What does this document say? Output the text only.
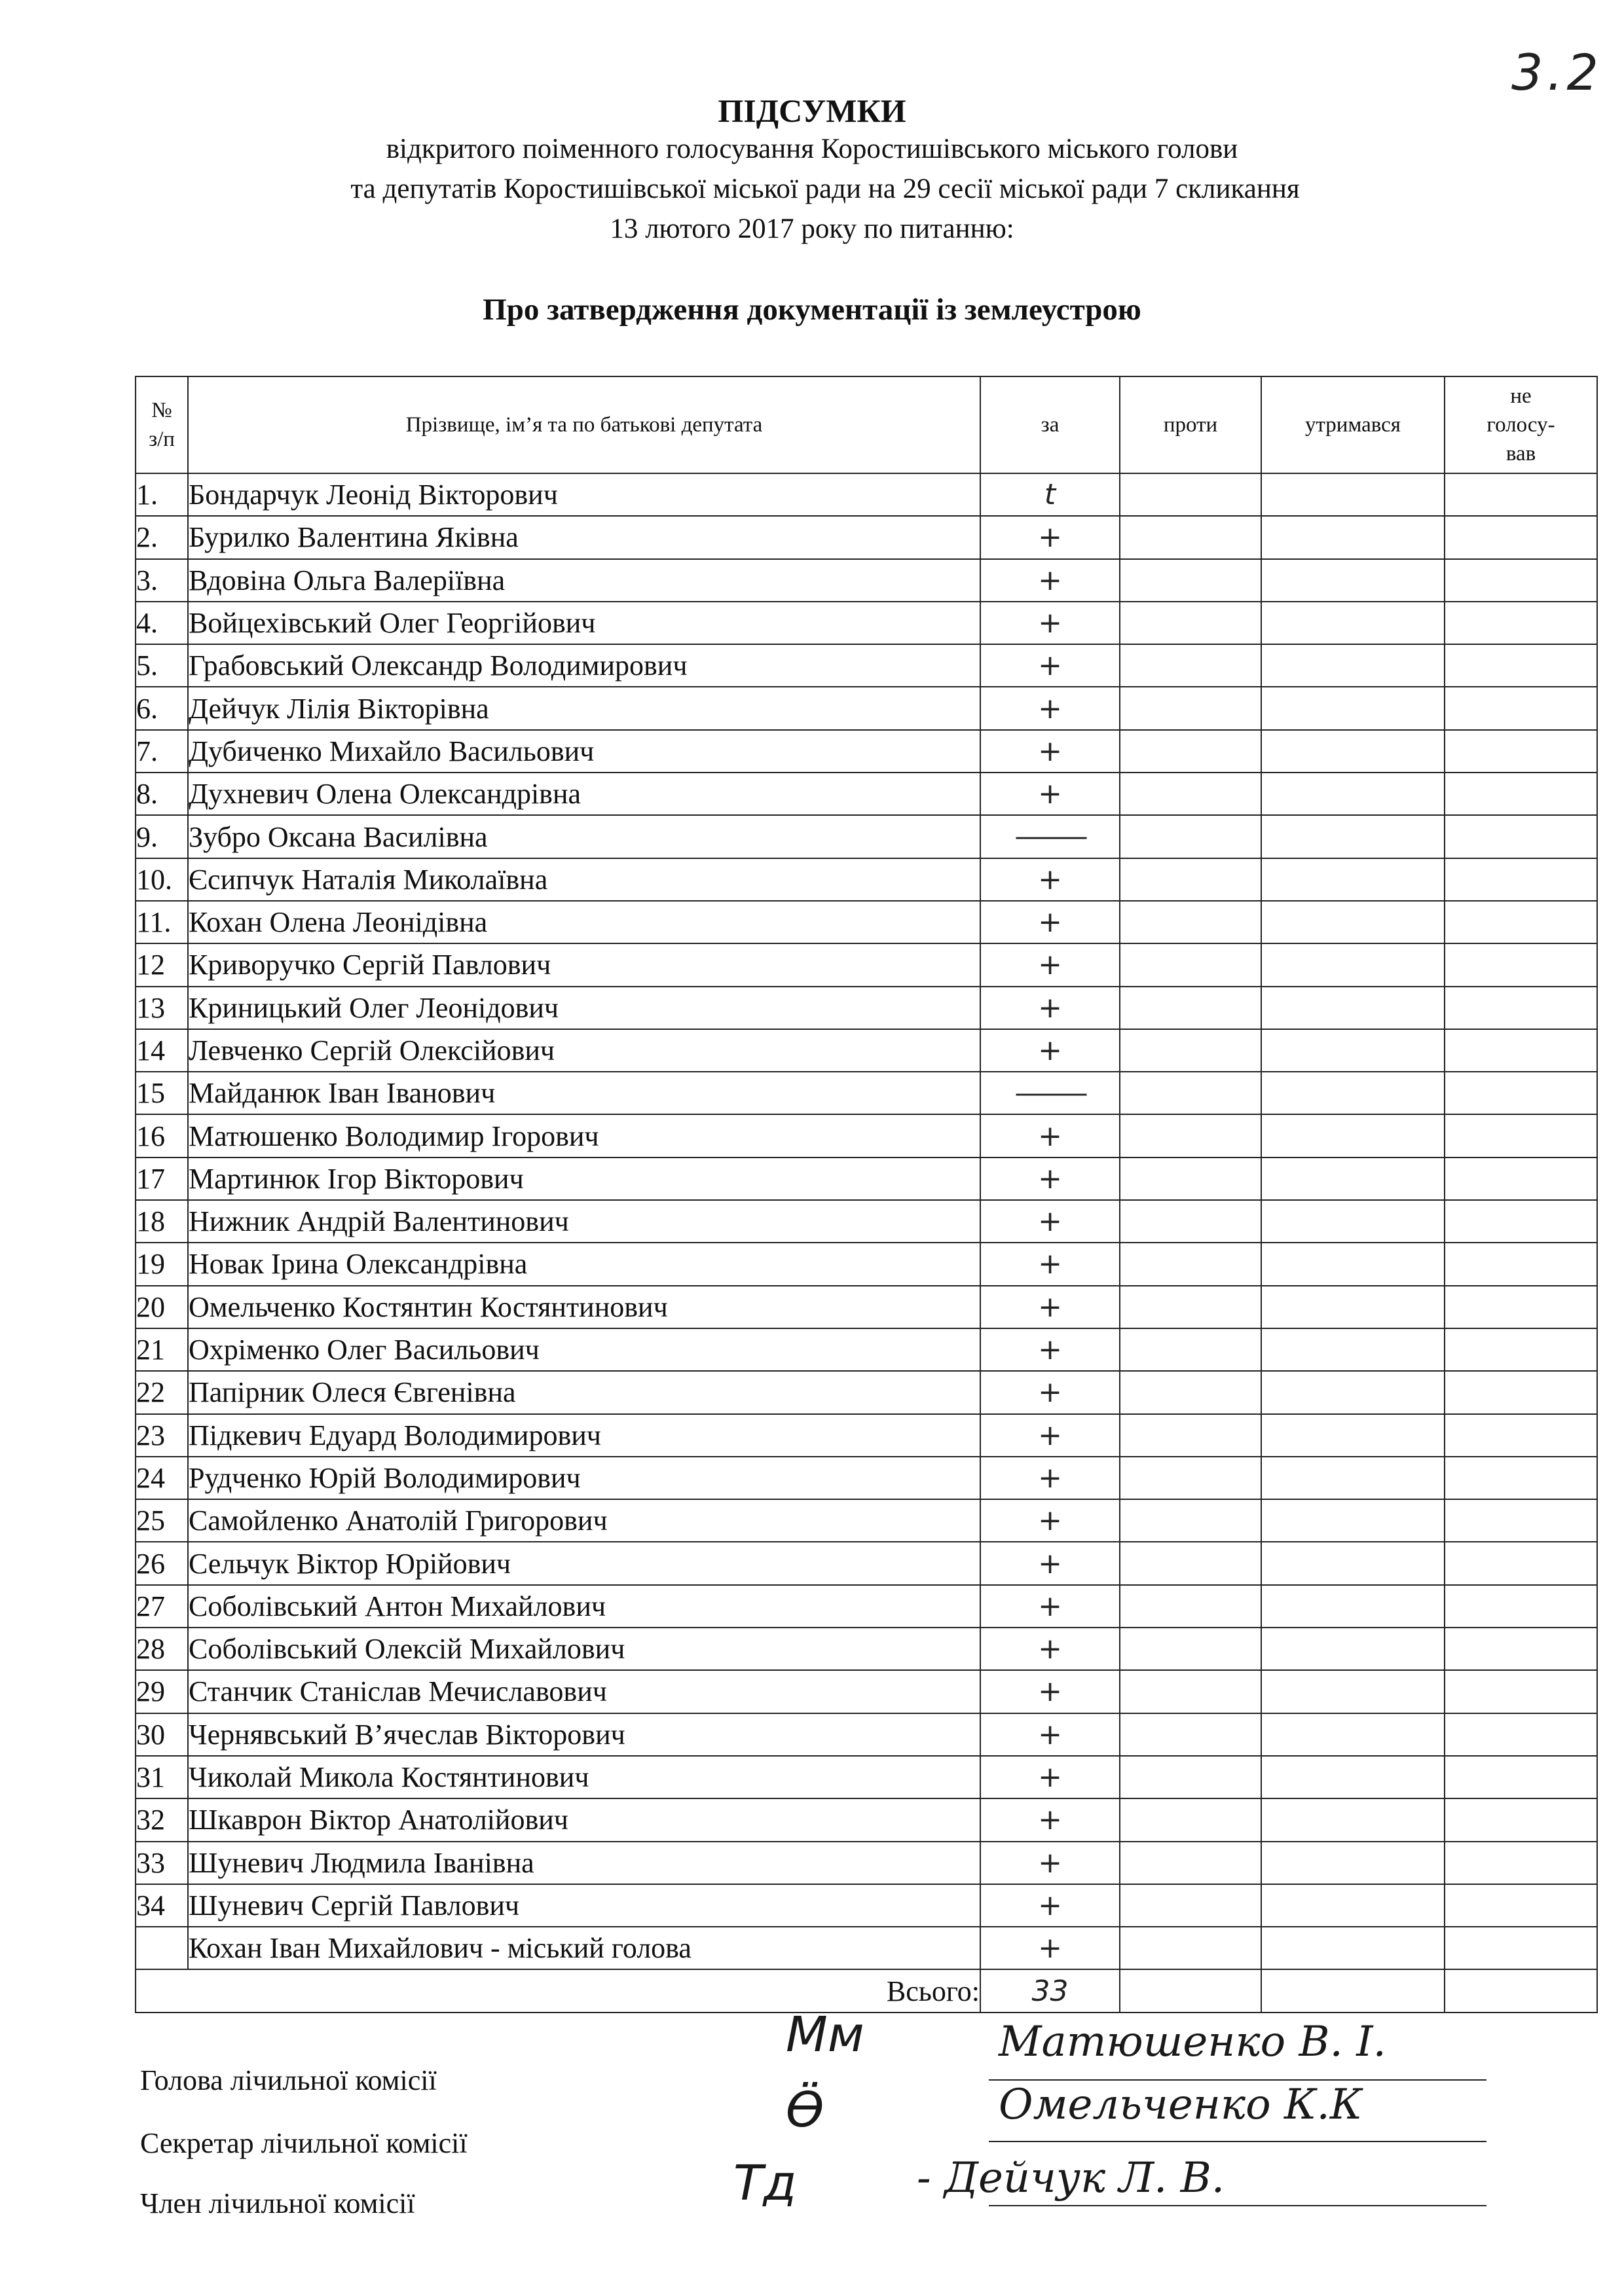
3.2
ПІДСУМКИ
відкритого поіменного голосування Коростишівського міського голови
та депутатів Коростишівської міської ради на 29 сесії міської ради 7 скликання
13 лютого 2017 року по питанню:
Про затвердження документації із землеустрою
№
з/п	Прізвище, ім’я та по батькові депутата	за	проти	утримався	не
голосу-
вав
1.	Бондарчук Леонід Вікторович	t			
2.	Бурилко Валентина Яківна	+			
3.	Вдовіна Ольга Валеріївна	+			
4.	Войцехівський Олег Георгійович	+			
5.	Грабовський Олександр Володимирович	+			
6.	Дейчук Лілія Вікторівна	+			
7.	Дубиченко Михайло Васильович	+			
8.	Духневич Олена Олександрівна	+			
9.	Зубро Оксана Василівна	———			
10.	Єсипчук Наталія Миколаївна	+			
11.	Кохан Олена Леонідівна	+			
12	Криворучко Сергій Павлович	+			
13	Криницький Олег Леонідович	+			
14	Левченко Сергій Олексійович	+			
15	Майданюк Іван Іванович	———			
16	Матюшенко Володимир Ігорович	+			
17	Мартинюк Ігор Вікторович	+			
18	Нижник Андрій Валентинович	+			
19	Новак Ірина Олександрівна	+			
20	Омельченко Костянтин Костянтинович	+			
21	Охріменко Олег Васильович	+			
22	Папірник Олеся Євгенівна	+			
23	Підкевич Едуард Володимирович	+			
24	Рудченко Юрій Володимирович	+			
25	Самойленко Анатолій Григорович	+			
26	Сельчук Віктор Юрійович	+			
27	Соболівський Антон Михайлович	+			
28	Соболівський Олексій Михайлович	+			
29	Станчик Станіслав Мечиславович	+			
30	Чернявський В’ячеслав Вікторович	+			
31	Чиколай Микола Костянтинович	+			
32	Шкаврон Віктор Анатолійович	+			
33	Шуневич Людмила Іванівна	+			
34	Шуневич Сергій Павлович	+			
	Кохан Іван Михайлович - міський голова	+			
Всього:		33			
Голова лічильної комісії
Мм	Матюшенко В. І.
Секретар лічильної комісії
Ӫ	Омельченко К.К
Член лічильної комісії	Тд	- Дейчук Л. В.
